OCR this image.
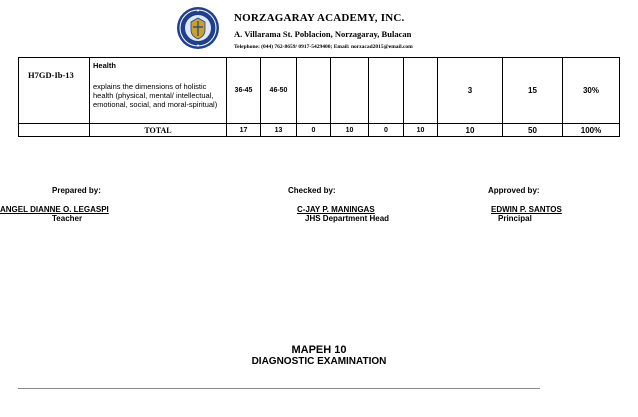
NORZAGARAY ACADEMY, INC.
A. Villarama St. Poblacion, Norzagaray, Bulacan
Telephone: (044) 762-8659/ 0917-5429400; Email: norzacad2015@email.com
H7GD-Ib-13	Health
explains the dimensions of holistic health (physical, mental/ intellectual, emotional, social, and moral-spiritual)	36-45	46-50					3	15	30%
	TOTAL	17	13	0	10	0	10	10	50	100%
Prepared by:
ANGEL DIANNE O. LEGASPI
Teacher
Checked by:
C-JAY P. MANINGAS
JHS Department Head
Approved by:
EDWIN P. SANTOS
Principal
MAPEH 10
DIAGNOSTIC EXAMINATION
